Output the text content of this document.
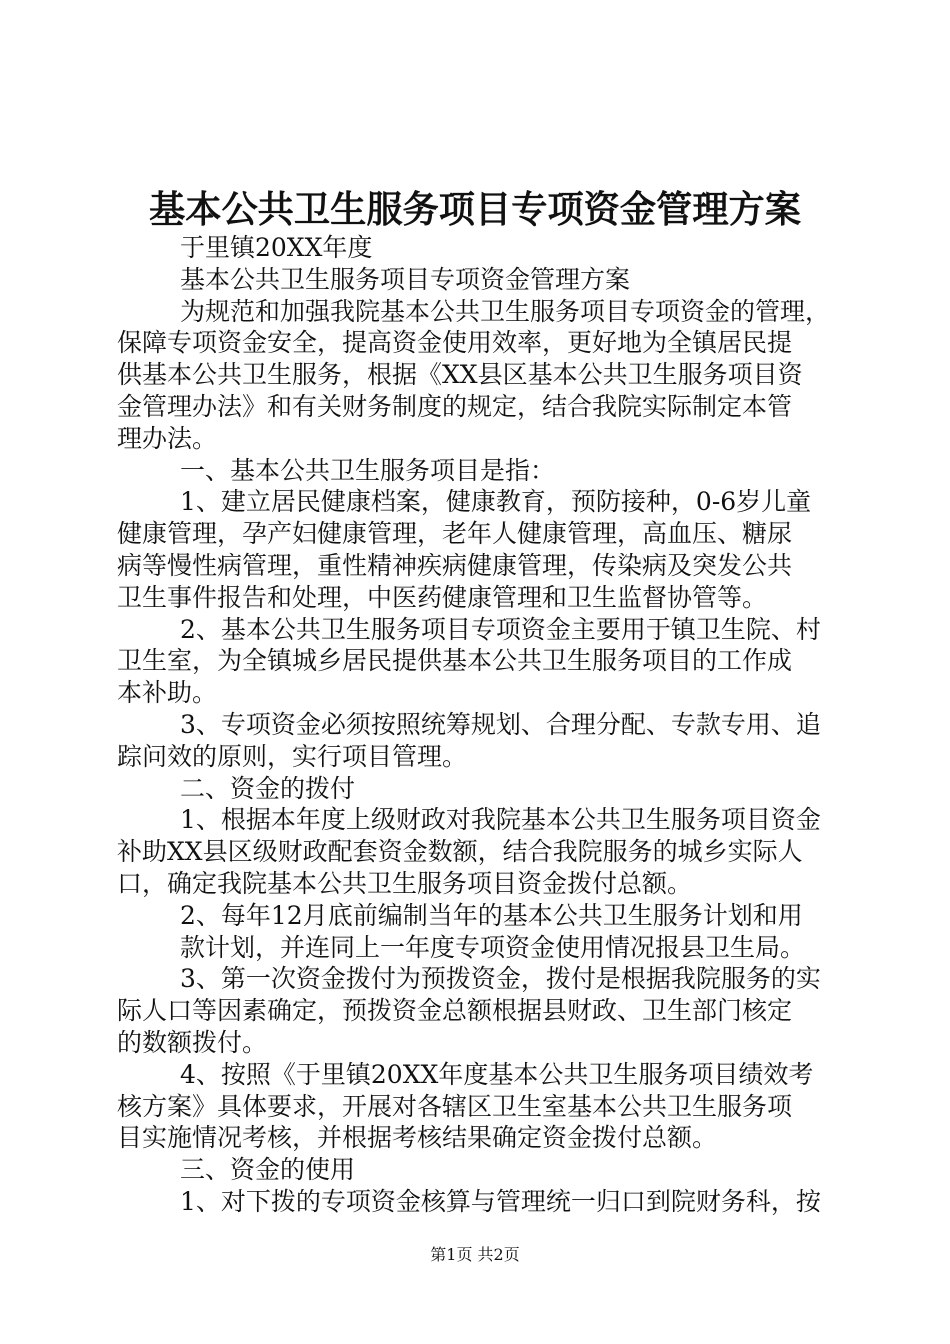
基本公共卫生服务项目专项资金管理方案
于里镇20XX年度
基本公共卫生服务项目专项资金管理方案
为规范和加强我院基本公共卫生服务项目专项资金的管理，
保障专项资金安全，提高资金使用效率，更好地为全镇居民提
供基本公共卫生服务，根据《XX县区基本公共卫生服务项目资
金管理办法》和有关财务制度的规定，结合我院实际制定本管
理办法。
一、基本公共卫生服务项目是指：
1、建立居民健康档案，健康教育，预防接种，0-6岁儿童
健康管理，孕产妇健康管理，老年人健康管理，高血压、糖尿
病等慢性病管理，重性精神疾病健康管理，传染病及突发公共
卫生事件报告和处理，中医药健康管理和卫生监督协管等。
2、基本公共卫生服务项目专项资金主要用于镇卫生院、村
卫生室，为全镇城乡居民提供基本公共卫生服务项目的工作成
本补助。
3、专项资金必须按照统筹规划、合理分配、专款专用、追
踪问效的原则，实行项目管理。
二、资金的拨付
1、根据本年度上级财政对我院基本公共卫生服务项目资金
补助XX县区级财政配套资金数额，结合我院服务的城乡实际人
口，确定我院基本公共卫生服务项目资金拨付总额。
2、每年12月底前编制当年的基本公共卫生服务计划和用
款计划，并连同上一年度专项资金使用情况报县卫生局。
3、第一次资金拨付为预拨资金，拨付是根据我院服务的实
际人口等因素确定，预拨资金总额根据县财政、卫生部门核定
的数额拨付。
4、按照《于里镇20XX年度基本公共卫生服务项目绩效考
核方案》具体要求，开展对各辖区卫生室基本公共卫生服务项
目实施情况考核，并根据考核结果确定资金拨付总额。
三、资金的使用
1、对下拨的专项资金核算与管理统一归口到院财务科，按
第1页 共2页
